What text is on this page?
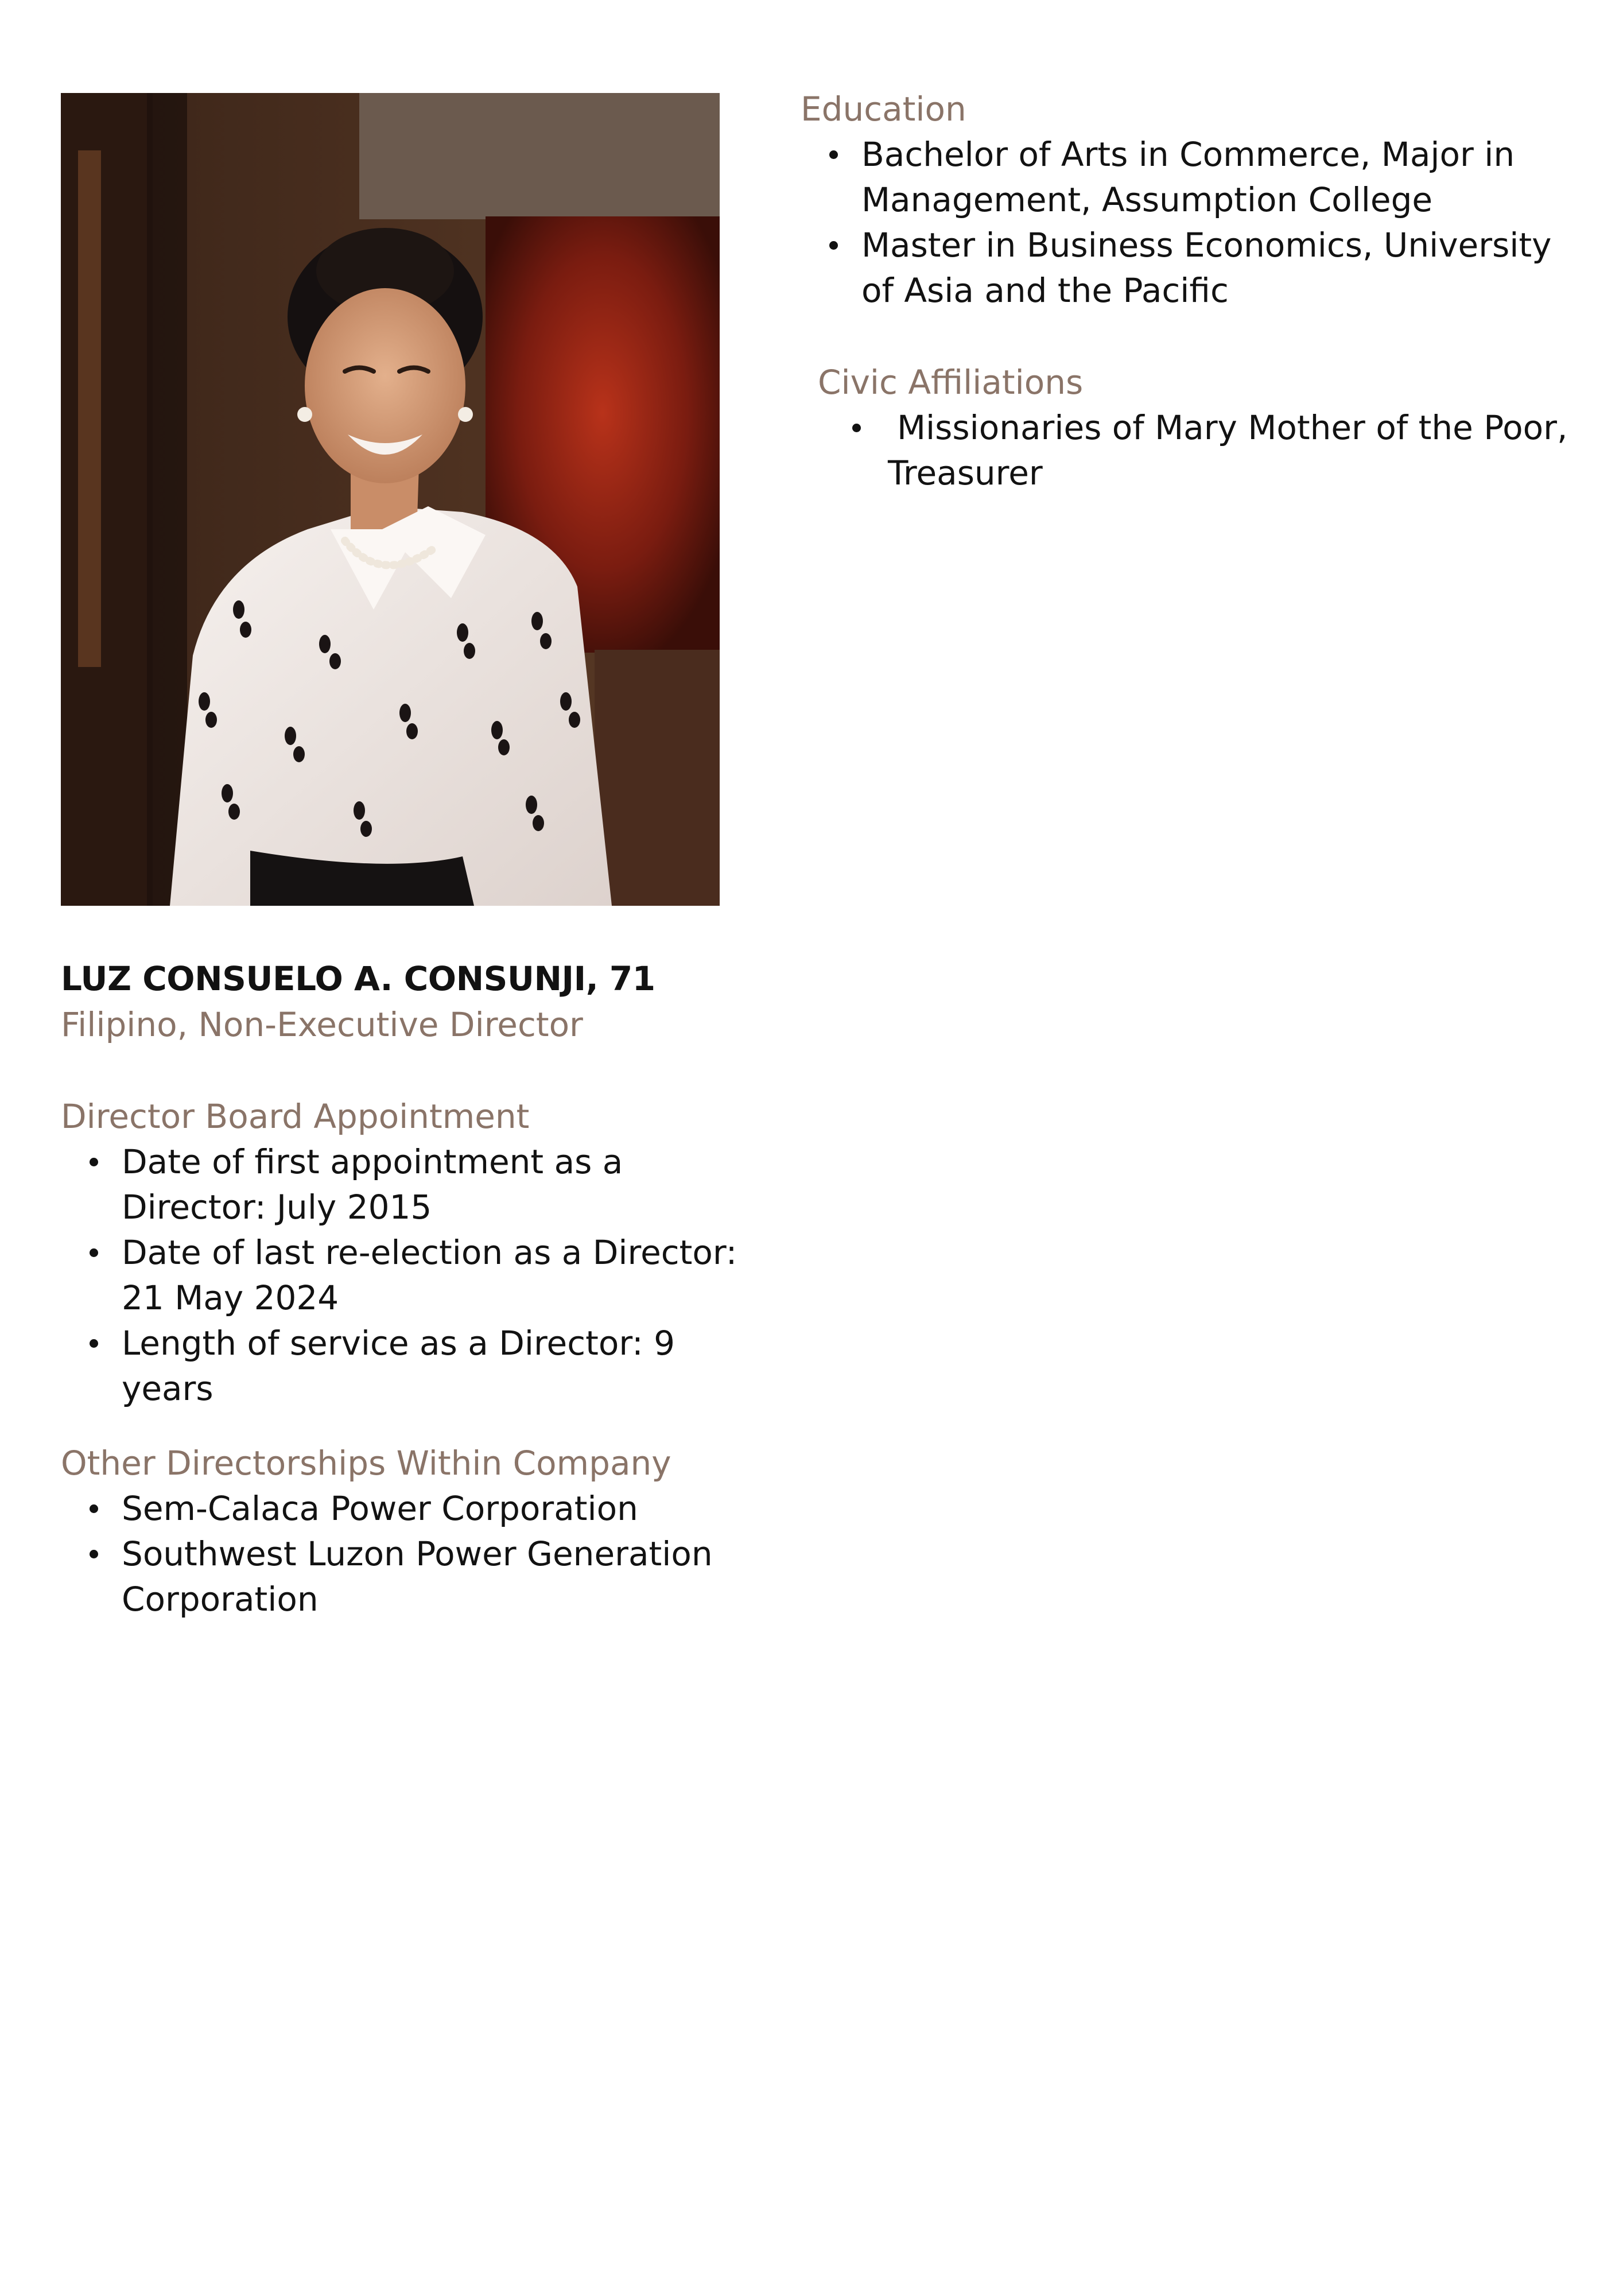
LUZ CONSUELO A. CONSUNJI, 71

Filipino, Non-Executive Director

Director Board Appointment

Date of first appointment as a Director: July 2015
Date of last re-election as a Director: 21 May 2024
Length of service as a Director: 9 years

Other Directorships Within Company

Sem-Calaca Power Corporation
Southwest Luzon Power Generation Corporation

Education

Bachelor of Arts in Commerce, Major in Management, Assumption College
Master in Business Economics, University of Asia and the Pacific

Civic Affiliations

Missionaries of Mary Mother of the Poor, Treasurer
